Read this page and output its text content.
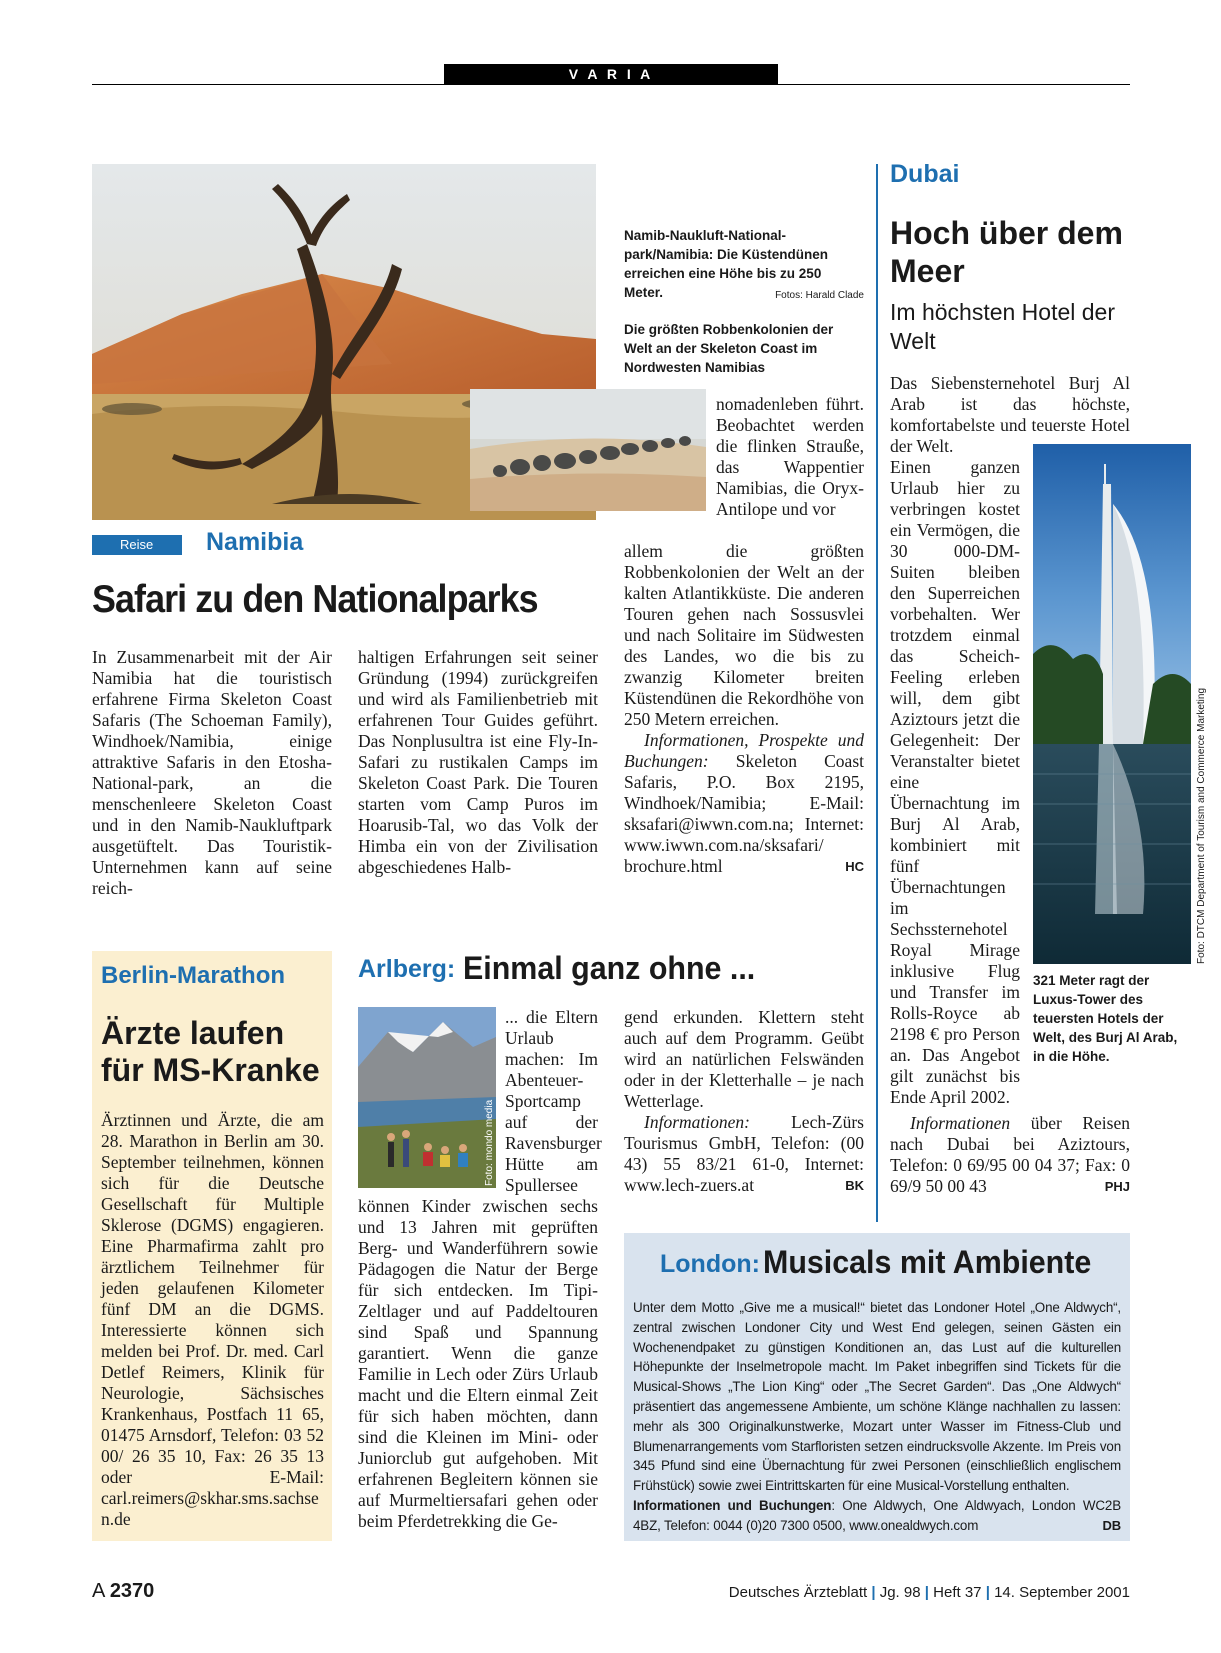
V A R I A
Namib-Naukluft-National-park/Namibia: Die Küstendünen erreichen eine Höhe bis zu 250 Meter.	Fotos: Harald Clade
Die größten Robbenkolonien der Welt an der Skeleton Coast im Nordwesten Namibias
Reise	Namibia
Safari zu den Nationalparks

In Zusammenarbeit mit der Air Namibia hat die touristisch erfahrene Firma Skeleton Coast Safaris (The Schoeman Family), Windhoek/Namibia, einige attraktive Safaris in den Etosha-National-park, an die menschenleere Skeleton Coast und in den Namib-Naukluftpark ausgetüftelt. Das Touristik-Unternehmen kann auf seine reich-

haltigen Erfahrungen seit seiner Gründung (1994) zurückgreifen und wird als Familienbetrieb mit erfahrenen Tour Guides geführt. Das Nonplusultra ist eine Fly-In-Safari zu rustikalen Camps im Skeleton Coast Park. Die Touren starten vom Camp Puros im Hoarusib-Tal, wo das Volk der Himba ein von der Zivilisation abgeschiedenes Halb-

nomadenleben führt. Beobachtet werden die flinken Strauße, das Wappentier Namibias, die Oryx-Antilope und vor

allem die größten Robbenkolonien der Welt an der kalten Atlantikküste. Die anderen Touren gehen nach Sossusvlei und nach Solitaire im Südwesten des Landes, wo die bis zu zwanzig Kilometer breiten Küstendünen die Rekordhöhe von 250 Metern erreichen.

Informationen, Prospekte und Buchungen: Skeleton Coast Safaris, P.O. Box 2195, Windhoek/Namibia; E-Mail: sksafari@iwwn.com.na; Internet: www.iwwn.com.na/sksafari/ brochure.html	HC

Dubai
Hoch über dem Meer
Im höchsten Hotel der Welt

Das Siebensternehotel Burj Al Arab ist das höchste, komfortabelste und teuerste Hotel der Welt.

Einen ganzen Urlaub hier zu verbringen kostet ein Vermögen, die 30 000-DM-Suiten bleiben den Superreichen vorbehalten. Wer trotzdem einmal das Scheich-Feeling erleben will, dem gibt Aziztours jetzt die Gelegenheit: Der Veranstalter bietet eine Übernachtung im Burj Al Arab, kombiniert mit fünf Übernachtungen im Sechssternehotel Royal Mirage inklusive Flug und Transfer im Rolls-Royce ab 2198 € pro Person an. Das Angebot gilt zunächst bis Ende April 2002.

Informationen über Reisen nach Dubai bei Aziztours, Telefon: 0 69/95 00 04 37; Fax: 0 69/9 50 00 43	PHJ

Foto: DTCM Department of Tourism and Commerce Marketing
321 Meter ragt der Luxus-Tower des teuersten Hotels der Welt, des Burj Al Arab, in die Höhe.
Berlin-Marathon
Ärzte laufen für MS-Kranke

Ärztinnen und Ärzte, die am 28. Marathon in Berlin am 30. September teilnehmen, können sich für die Deutsche Gesellschaft für Multiple Sklerose (DGMS) engagieren. Eine Pharmafirma zahlt pro ärztlichem Teilnehmer für jeden gelaufenen Kilometer fünf DM an die DGMS. Interessierte können sich melden bei Prof. Dr. med. Carl Detlef Reimers, Klinik für Neurologie, Sächsisches Krankenhaus, Postfach 11 65, 01475 Arnsdorf, Telefon: 03 52 00/ 26 35 10, Fax: 26 35 13 oder E-Mail: carl.reimers@skhar.sms.sachsen.de

Arlberg: Einmal ganz ohne ...
Foto: mondo media

... die Eltern Urlaub machen: Im Abenteuer-Sportcamp auf der Ravensburger Hütte am Spullersee

können Kinder zwischen sechs und 13 Jahren mit geprüften Berg- und Wanderführern sowie Pädagogen die Natur der Berge für sich entdecken. Im Tipi-Zeltlager und auf Paddeltouren sind Spaß und Spannung garantiert. Wenn die ganze Familie in Lech oder Zürs Urlaub macht und die Eltern einmal Zeit für sich haben möchten, dann sind die Kleinen im Mini- oder Juniorclub gut aufgehoben. Mit erfahrenen Begleitern können sie auf Murmeltiersafari gehen oder beim Pferdetrekking die Ge-

gend erkunden. Klettern steht auch auf dem Programm. Geübt wird an natürlichen Felswänden oder in der Kletterhalle – je nach Wetterlage.

Informationen: Lech-Zürs Tourismus GmbH, Telefon: (00 43) 55 83/21 61-0, Internet: www.lech-zuers.at	BK

London: Musicals mit Ambiente
Unter dem Motto „Give me a musical!“ bietet das Londoner Hotel „One Aldwych“, zentral zwischen Londoner City und West End gelegen, seinen Gästen ein Wochenendpaket zu günstigen Konditionen an, das Lust auf die kulturellen Höhepunkte der Inselmetropole macht. Im Paket inbegriffen sind Tickets für die Musical-Shows „The Lion King“ oder „The Secret Garden“. Das „One Aldwych“ präsentiert das angemessene Ambiente, um schöne Klänge nachhallen zu lassen: mehr als 300 Originalkunstwerke, Mozart unter Wasser im Fitness-Club und Blumenarrangements vom Starfloristen setzen eindrucksvolle Akzente. Im Preis von 345 Pfund sind eine Übernachtung für zwei Personen (einschließlich englischem Frühstück) sowie zwei Eintrittskarten für eine Musical-Vorstellung enthalten.
Informationen und Buchungen: One Aldwych, One Aldwyach, London WC2B 4BZ, Telefon: 0044 (0)20 7300 0500, www.onealdwych.com	DB
A 2370	Deutsches Ärzteblatt | Jg. 98 | Heft 37 | 14. September 2001
